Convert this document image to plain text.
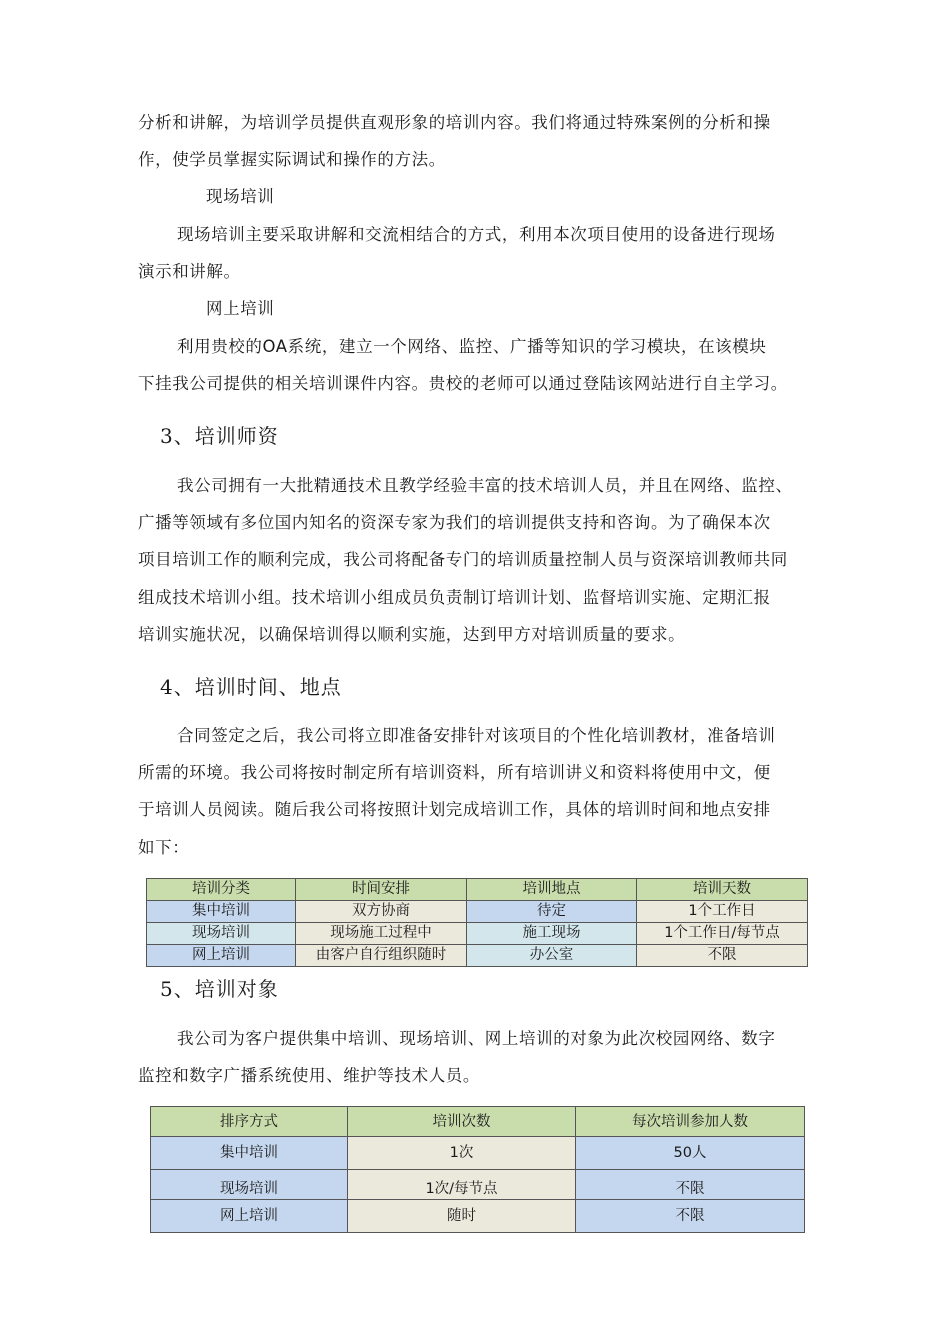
分析和讲解，为培训学员提供直观形象的培训内容。我们将通过特殊案例的分析和操
作，使学员掌握实际调试和操作的方法。
现场培训
现场培训主要采取讲解和交流相结合的方式，利用本次项目使用的设备进行现场
演示和讲解。
网上培训
利用贵校的OA系统，建立一个网络、监控、广播等知识的学习模块，在该模块
下挂我公司提供的相关培训课件内容。贵校的老师可以通过登陆该网站进行自主学习。
3、培训师资
我公司拥有一大批精通技术且教学经验丰富的技术培训人员，并且在网络、监控、
广播等领域有多位国内知名的资深专家为我们的培训提供支持和咨询。为了确保本次
项目培训工作的顺利完成，我公司将配备专门的培训质量控制人员与资深培训教师共同
组成技术培训小组。技术培训小组成员负责制订培训计划、监督培训实施、定期汇报
培训实施状况，以确保培训得以顺利实施，达到甲方对培训质量的要求。
4、培训时间、地点
合同签定之后，我公司将立即准备安排针对该项目的个性化培训教材，准备培训
所需的环境。我公司将按时制定所有培训资料，所有培训讲义和资料将使用中文，便
于培训人员阅读。随后我公司将按照计划完成培训工作，具体的培训时间和地点安排
如下：
培训分类	时间安排	培训地点	培训天数
集中培训	双方协商	待定	1个工作日
现场培训	现场施工过程中	施工现场	1个工作日/每节点
网上培训	由客户自行组织随时	办公室	不限
5、培训对象
我公司为客户提供集中培训、现场培训、网上培训的对象为此次校园网络、数字
监控和数字广播系统使用、维护等技术人员。
排序方式	培训次数	每次培训参加人数
集中培训	1次	50人
现场培训	1次/每节点	不限
网上培训	随时	不限
